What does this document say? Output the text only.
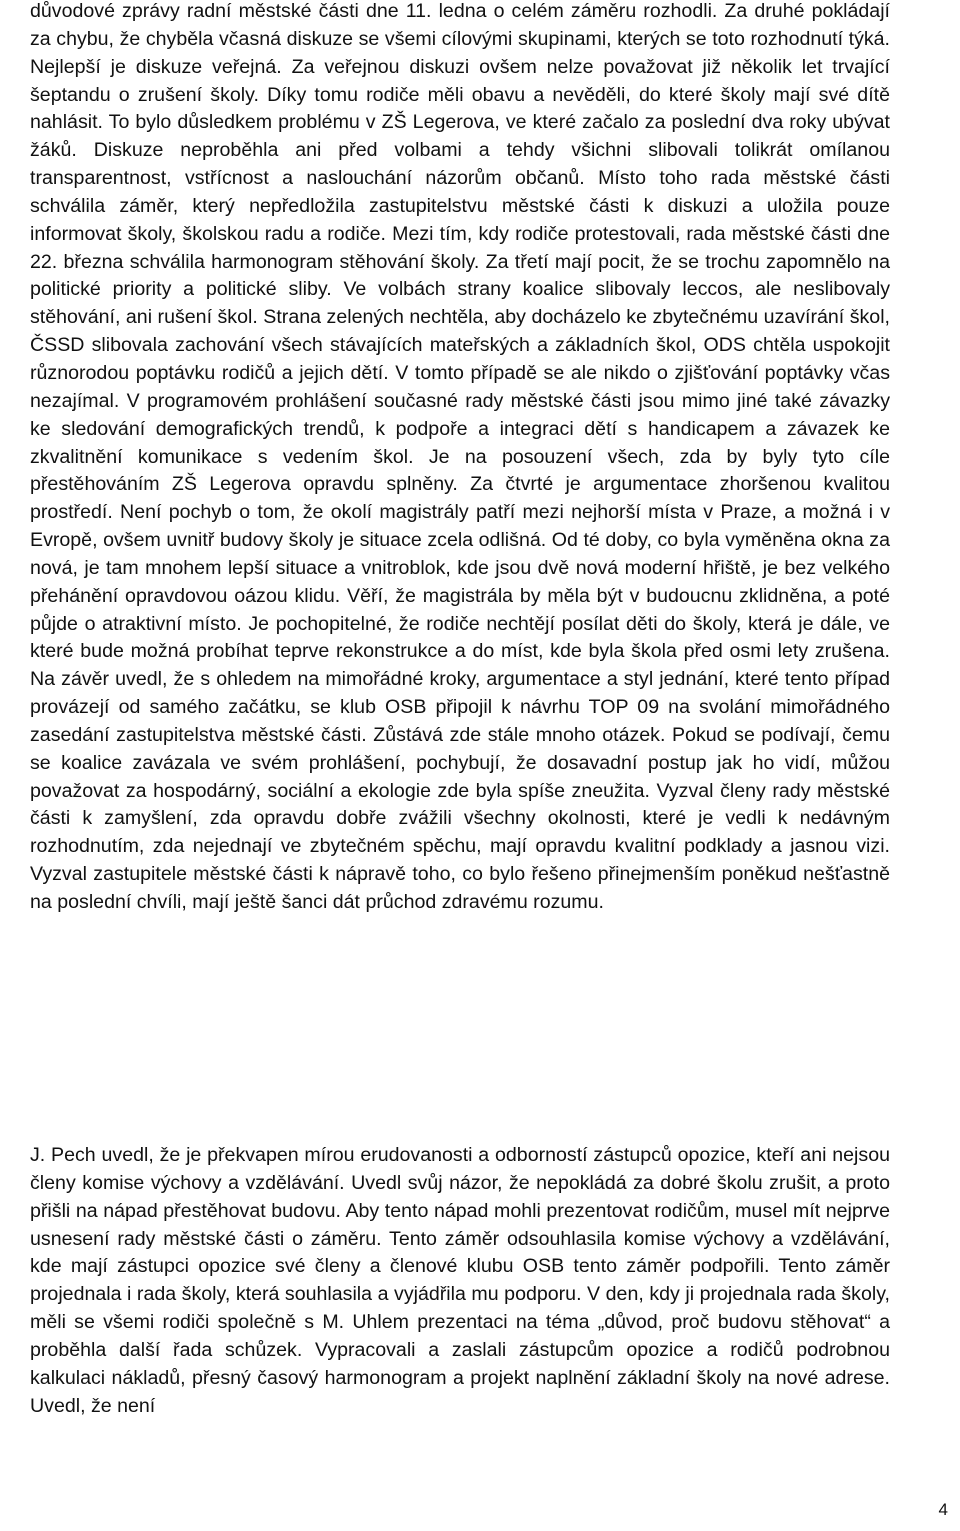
důvodové zprávy radní městské části dne 11. ledna o celém záměru rozhodli. Za druhé pokládají za chybu, že chyběla včasná diskuze se všemi cílovými skupinami, kterých se toto rozhodnutí týká. Nejlepší je diskuze veřejná. Za veřejnou diskuzi ovšem nelze považovat již několik let trvající šeptandu o zrušení školy. Díky tomu rodiče měli obavu a nevěděli, do které školy mají své dítě nahlásit. To bylo důsledkem problému v ZŠ Legerova, ve které začalo za poslední dva roky ubývat žáků. Diskuze neproběhla ani před volbami a tehdy všichni slibovali tolikrát omílanou transparentnost, vstřícnost a naslouchání názorům občanů. Místo toho rada městské části schválila záměr, který nepředložila zastupitelstvu městské části k diskuzi a uložila pouze informovat školy, školskou radu a rodiče. Mezi tím, kdy rodiče protestovali, rada městské části dne 22. března schválila harmonogram stěhování školy. Za třetí mají pocit, že se trochu zapomnělo na politické priority a politické sliby. Ve volbách strany koalice slibovaly leccos, ale neslibovaly stěhování, ani rušení škol. Strana zelených nechtěla, aby docházelo ke zbytečnému uzavírání škol, ČSSD slibovala zachování všech stávajících mateřských a základních škol, ODS chtěla uspokojit různorodou poptávku rodičů a jejich dětí. V tomto případě se ale nikdo o zjišťování poptávky včas nezajímal. V programovém prohlášení současné rady městské části jsou mimo jiné také závazky ke sledování demografických trendů, k podpoře a integraci dětí s handicapem a závazek ke zkvalitnění komunikace s vedením škol. Je na posouzení všech, zda by byly tyto cíle přestěhováním ZŠ Legerova opravdu splněny. Za čtvrté je argumentace zhoršenou kvalitou prostředí. Není pochyb o tom, že okolí magistrály patří mezi nejhorší místa v Praze, a možná i v Evropě, ovšem uvnitř budovy školy je situace zcela odlišná. Od té doby, co byla vyměněna okna za nová, je tam mnohem lepší situace a vnitroblok, kde jsou dvě nová moderní hřiště, je bez velkého přehánění opravdovou oázou klidu. Věří, že magistrála by měla být v budoucnu zklidněna, a poté půjde o atraktivní místo. Je pochopitelné, že rodiče nechtějí posílat děti do školy, která je dále, ve které bude možná probíhat teprve rekonstrukce a do míst, kde byla škola před osmi lety zrušena. Na závěr uvedl, že s ohledem na mimořádné kroky, argumentace a styl jednání, které tento případ provázejí od samého začátku, se klub OSB připojil k návrhu TOP 09 na svolání mimořádného zasedání zastupitelstva městské části. Zůstává zde stále mnoho otázek. Pokud se podívají, čemu se koalice zavázala ve svém prohlášení, pochybují, že dosavadní postup jak ho vidí, můžou považovat za hospodárný, sociální a ekologie zde byla spíše zneužita. Vyzval členy rady městské části k zamyšlení, zda opravdu dobře zvážili všechny okolnosti, které je vedli k nedávným rozhodnutím, zda nejednají ve zbytečném spěchu, mají opravdu kvalitní podklady a jasnou vizi. Vyzval zastupitele městské části k nápravě toho, co bylo řešeno přinejmenším poněkud nešťastně na poslední chvíli, mají ještě šanci dát průchod zdravému rozumu.

J. Pech uvedl, že je překvapen mírou erudovanosti a odborností zástupců opozice, kteří ani nejsou členy komise výchovy a vzdělávání. Uvedl svůj názor, že nepokládá za dobré školu zrušit, a proto přišli na nápad přestěhovat budovu. Aby tento nápad mohli prezentovat rodičům, musel mít nejprve usnesení rady městské části o záměru. Tento záměr odsouhlasila komise výchovy a vzdělávání, kde mají zástupci opozice své členy a členové klubu OSB tento záměr podpořili. Tento záměr projednala i rada školy, která souhlasila a vyjádřila mu podporu. V den, kdy ji projednala rada školy, měli se všemi rodiči společně s M. Uhlem prezentaci na téma „důvod, proč budovu stěhovat“ a proběhla další řada schůzek. Vypracovali a zaslali zástupcům opozice a rodičů podrobnou kalkulaci nákladů, přesný časový harmonogram a projekt naplnění základní školy na nové adrese. Uvedl, že není

4
